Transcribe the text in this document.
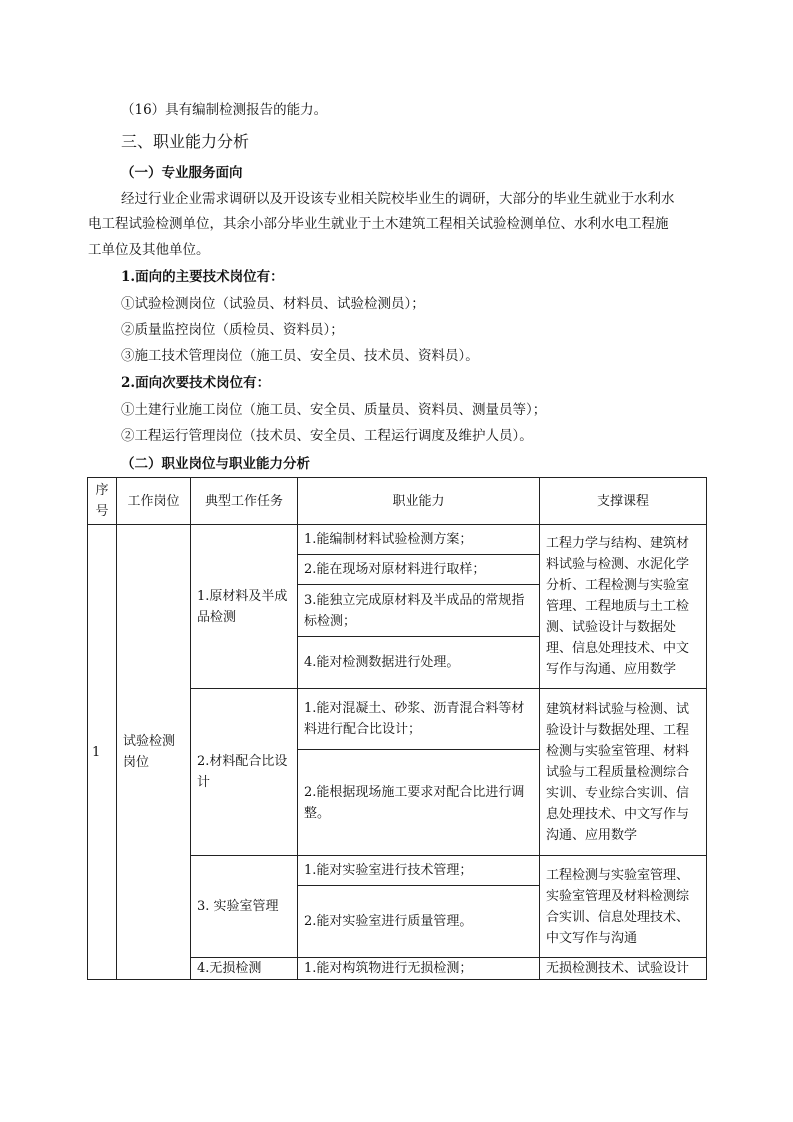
（16）具有编制检测报告的能力。
三、职业能力分析
（一）专业服务面向
经过行业企业需求调研以及开设该专业相关院校毕业生的调研，大部分的毕业生就业于水利水
电工程试验检测单位，其余小部分毕业生就业于土木建筑工程相关试验检测单位、水利水电工程施
工单位及其他单位。
1.面向的主要技术岗位有：
①试验检测岗位（试验员、材料员、试验检测员）；
②质量监控岗位（质检员、资料员）；
③施工技术管理岗位（施工员、安全员、技术员、资料员）。
2.面向次要技术岗位有：
①土建行业施工岗位（施工员、安全员、质量员、资料员、测量员等）；
②工程运行管理岗位（技术员、安全员、工程运行调度及维护人员）。
（二）职业岗位与职业能力分析
序号	工作岗位	典型工作任务	职业能力	支撑课程
1	试验检测岗位	1.原材料及半成品检测	1.能编制材料试验检测方案；	工程力学与结构、建筑材料试验与检测、水泥化学分析、工程检测与实验室管理、工程地质与土工检测、试验设计与数据处理、信息处理技术、中文写作与沟通、应用数学
			2.能在现场对原材料进行取样；	
			3.能独立完成原材料及半成品的常规指标检测；	
			4.能对检测数据进行处理。	
		2.材料配合比设计	1.能对混凝土、砂浆、沥青混合料等材料进行配合比设计；	建筑材料试验与检测、试验设计与数据处理、工程检测与实验室管理、材料试验与工程质量检测综合实训、专业综合实训、信息处理技术、中文写作与沟通、应用数学
			2.能根据现场施工要求对配合比进行调整。	
		3. 实验室管理	1.能对实验室进行技术管理；	工程检测与实验室管理、实验室管理及材料检测综合实训、信息处理技术、中文写作与沟通
			2.能对实验室进行质量管理。	
		4.无损检测	1.能对构筑物进行无损检测；	无损检测技术、试验设计
